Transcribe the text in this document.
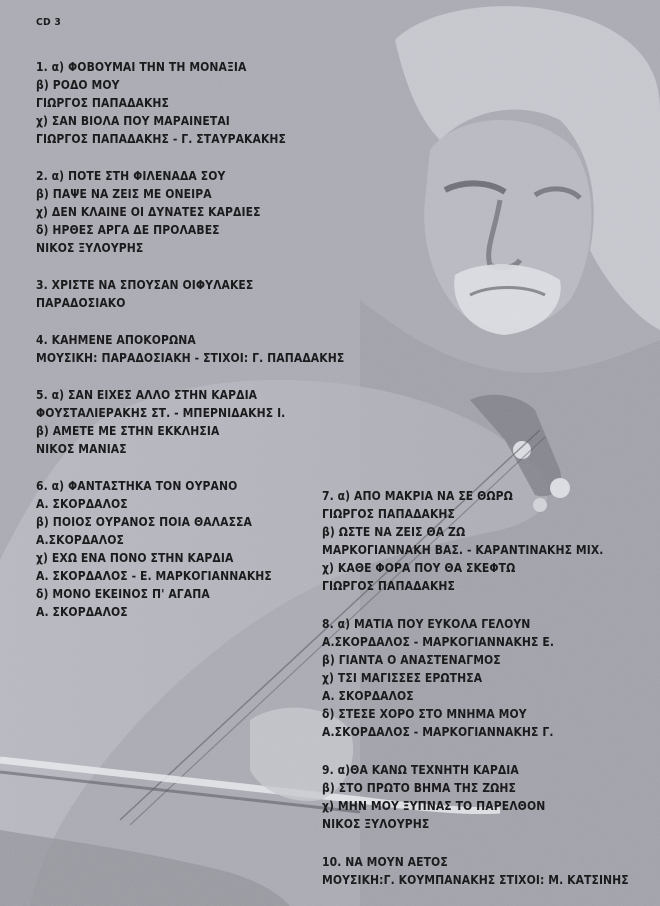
CD 3
1. α) ΦΟΒΟΥΜΑΙ ΤΗΝ ΤΗ ΜΟΝΑΞΙΑ
β) ΡΟΔΟ ΜΟΥ
ΓΙΩΡΓΟΣ ΠΑΠΑΔΑΚΗΣ
χ) ΣΑΝ ΒΙΟΛΑ ΠΟΥ ΜΑΡΑΙΝΕΤΑΙ
ΓΙΩΡΓΟΣ ΠΑΠΑΔΑΚΗΣ - Γ. ΣΤΑΥΡΑΚΑΚΗΣ
2. α) ΠΟΤΕ ΣΤΗ ΦΙΛΕΝΑΔΑ ΣΟΥ
β) ΠΑΨΕ ΝΑ ΖΕΙΣ ΜΕ ΟΝΕΙΡΑ
χ) ΔΕΝ ΚΛΑΙΝΕ ΟΙ ΔΥΝΑΤΕΣ ΚΑΡΔΙΕΣ
δ) ΗΡΘΕΣ ΑΡΓΑ ΔΕ ΠΡΟΛΑΒΕΣ
ΝΙΚΟΣ ΞΥΛΟΥΡΗΣ
3. ΧΡΙΣΤΕ ΝΑ ΣΠΟΥΣΑΝ ΟΙΦΥΛΑΚΕΣ
ΠΑΡΑΔΟΣΙΑΚΟ
4. ΚΑΗΜΕΝΕ ΑΠΟΚΟΡΩΝΑ
ΜΟΥΣΙΚΗ: ΠΑΡΑΔΟΣΙΑΚΗ - ΣΤΙΧΟΙ: Γ. ΠΑΠΑΔΑΚΗΣ
5. α) ΣΑΝ ΕΙΧΕΣ ΑΛΛΟ ΣΤΗΝ ΚΑΡΔΙΑ
ΦΟΥΣΤΑΛΙΕΡΑΚΗΣ ΣΤ. - ΜΠΕΡΝΙΔΑΚΗΣ Ι.
β) ΑΜΕΤΕ ΜΕ ΣΤΗΝ ΕΚΚΛΗΣΙΑ
ΝΙΚΟΣ ΜΑΝΙΑΣ
6. α) ΦΑΝΤΑΣΤΗΚΑ ΤΟΝ ΟΥΡΑΝΟ
Α. ΣΚΟΡΔΑΛΟΣ
β) ΠΟΙΟΣ ΟΥΡΑΝΟΣ ΠΟΙΑ ΘΑΛΑΣΣΑ
Α.ΣΚΟΡΔΑΛΟΣ
χ) ΕΧΩ ΕΝΑ ΠΟΝΟ ΣΤΗΝ ΚΑΡΔΙΑ
Α. ΣΚΟΡΔΑΛΟΣ - Ε. ΜΑΡΚΟΓΙΑΝΝΑΚΗΣ
δ) ΜΟΝΟ ΕΚΕΙΝΟΣ Π' ΑΓΑΠΑ
Α. ΣΚΟΡΔΑΛΟΣ
7. α) ΑΠΟ ΜΑΚΡΙΑ ΝΑ ΣΕ ΘΩΡΩ
ΓΙΩΡΓΟΣ ΠΑΠΑΔΑΚΗΣ
β) ΩΣΤΕ ΝΑ ΖΕΙΣ ΘΑ ΖΩ
ΜΑΡΚΟΓΙΑΝΝΑΚΗ ΒΑΣ. - ΚΑΡΑΝΤΙΝΑΚΗΣ ΜΙΧ.
χ) ΚΑΘΕ ΦΟΡΑ ΠΟΥ ΘΑ ΣΚΕΦΤΩ
ΓΙΩΡΓΟΣ ΠΑΠΑΔΑΚΗΣ
8. α) ΜΑΤΙΑ ΠΟΥ ΕΥΚΟΛΑ ΓΕΛΟΥΝ
Α.ΣΚΟΡΔΑΛΟΣ - ΜΑΡΚΟΓΙΑΝΝΑΚΗΣ Ε.
β) ΓΙΑΝΤΑ Ο ΑΝΑΣΤΕΝΑΓΜΟΣ
χ) ΤΣΙ ΜΑΓΙΣΣΕΣ ΕΡΩΤΗΣΑ
Α. ΣΚΟΡΔΑΛΟΣ
δ) ΣΤΕΣΕ ΧΟΡΟ ΣΤΟ ΜΝΗΜΑ ΜΟΥ
Α.ΣΚΟΡΔΑΛΟΣ - ΜΑΡΚΟΓΙΑΝΝΑΚΗΣ Γ.
9. α)ΘΑ ΚΑΝΩ ΤΕΧΝΗΤΗ ΚΑΡΔΙΑ
β) ΣΤΟ ΠΡΩΤΟ ΒΗΜΑ ΤΗΣ ΖΩΗΣ
χ) ΜΗΝ ΜΟΥ ΞΥΠΝΑΣ ΤΟ ΠΑΡΕΛΘΟΝ
ΝΙΚΟΣ ΞΥΛΟΥΡΗΣ
10. ΝΑ ΜΟΥΝ ΑΕΤΟΣ
ΜΟΥΣΙΚΗ:Γ. ΚΟΥΜΠΑΝΑΚΗΣ ΣΤΙΧΟΙ: Μ. ΚΑΤΣΙΝΗΣ
